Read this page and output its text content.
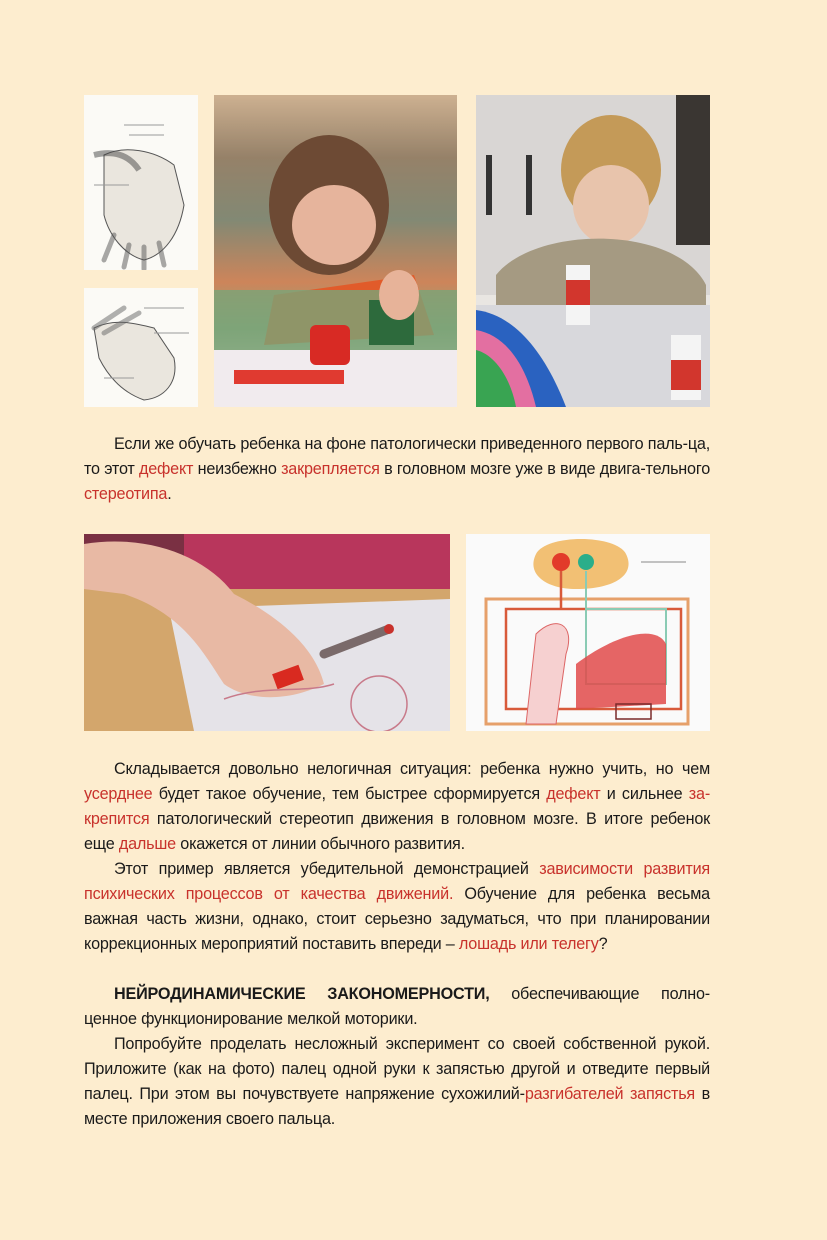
Если же обучать ребенка на фоне патологически приведенного первого паль-ца, то этот дефект неизбежно закрепляется в головном мозге уже в виде двига-тельного стереотипа.
Складывается довольно нелогичная ситуация: ребенка нужно учить, но чем усерднее будет такое обучение, тем быстрее сформируется дефект и сильнее за-крепится патологический стереотип движения в головном мозге. В итоге ребенок еще дальше окажется от линии обычного развития.
Этот пример является убедительной демонстрацией зависимости развития психических процессов от качества движений. Обучение для ребенка весьма важная часть жизни, однако, стоит серьезно задуматься, что при планировании коррекционных мероприятий поставить впереди – лошадь или телегу?
НЕЙРОДИНАМИЧЕСКИЕ ЗАКОНОМЕРНОСТИ, обеспечивающие полно-ценное функционирование мелкой моторики.
Попробуйте проделать несложный эксперимент со своей собственной рукой. Приложите (как на фото) палец одной руки к запястью другой и отведите первый палец. При этом вы почувствуете напряжение сухожилий-разгибателей запястья в месте приложения своего пальца.
